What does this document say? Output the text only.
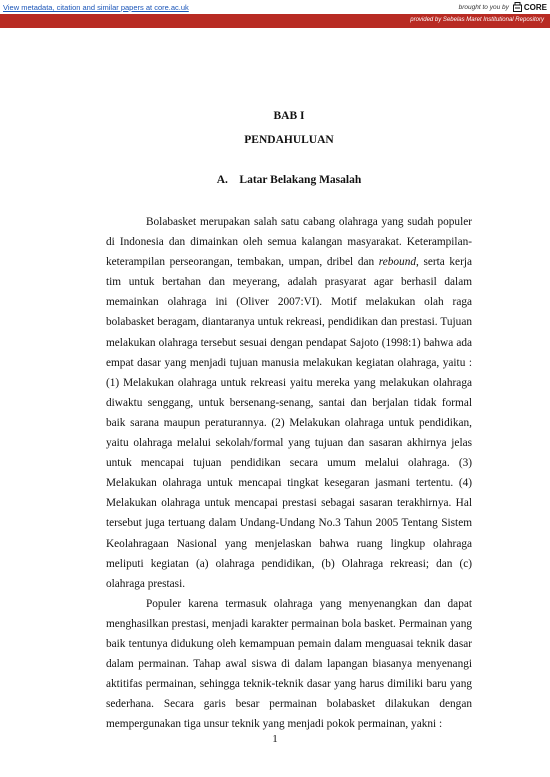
View metadata, citation and similar papers at core.ac.uk	brought to you by CORE
provided by Sebelas Maret Institutional Repository
BAB I
PENDAHULUAN
A.    Latar Belakang Masalah

Bolabasket merupakan salah satu cabang olahraga yang sudah populer di Indonesia dan dimainkan oleh semua kalangan masyarakat. Keterampilan-keterampilan perseorangan, tembakan, umpan, dribel dan rebound, serta kerja tim untuk bertahan dan meyerang, adalah prasyarat agar berhasil dalam memainkan olahraga ini (Oliver 2007:VI). Motif melakukan olah raga bolabasket beragam, diantaranya untuk rekreasi, pendidikan dan prestasi. Tujuan melakukan olahraga tersebut sesuai dengan pendapat Sajoto (1998:1) bahwa ada empat dasar yang menjadi tujuan manusia melakukan kegiatan olahraga, yaitu : (1) Melakukan olahraga untuk rekreasi yaitu mereka yang melakukan olahraga diwaktu senggang, untuk bersenang-senang, santai dan berjalan tidak formal baik sarana maupun peraturannya. (2) Melakukan olahraga untuk pendidikan, yaitu olahraga melalui sekolah/formal yang tujuan dan sasaran akhirnya jelas untuk mencapai tujuan pendidikan secara umum melalui olahraga. (3) Melakukan olahraga untuk mencapai tingkat kesegaran jasmani tertentu. (4) Melakukan olahraga untuk mencapai prestasi sebagai sasaran terakhirnya. Hal tersebut juga tertuang dalam Undang-Undang No.3 Tahun 2005 Tentang Sistem Keolahragaan Nasional yang menjelaskan bahwa ruang lingkup olahraga meliputi kegiatan (a) olahraga pendidikan, (b) Olahraga rekreasi; dan (c) olahraga prestasi.

Populer karena termasuk olahraga yang menyenangkan dan dapat menghasilkan prestasi, menjadi karakter permainan bola basket. Permainan yang baik tentunya didukung oleh kemampuan pemain dalam menguasai teknik dasar dalam permainan. Tahap awal siswa di dalam lapangan biasanya menyenangi aktitifas permainan, sehingga teknik-teknik dasar yang harus dimiliki baru yang sederhana. Secara garis besar permainan bolabasket dilakukan dengan mempergunakan tiga unsur teknik yang menjadi pokok permainan, yakni :

1
